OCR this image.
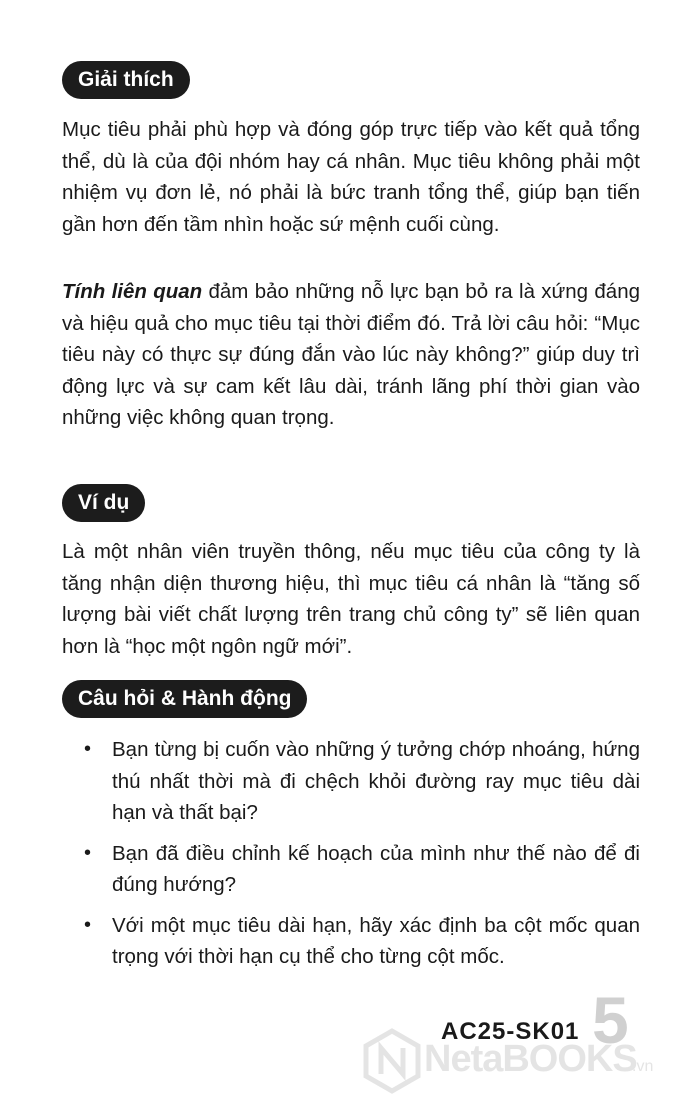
Giải thích

Mục tiêu phải phù hợp và đóng góp trực tiếp vào kết quả tổng thể, dù là của đội nhóm hay cá nhân. Mục tiêu không phải một nhiệm vụ đơn lẻ, nó phải là bức tranh tổng thể, giúp bạn tiến gần hơn đến tầm nhìn hoặc sứ mệnh cuối cùng.

Tính liên quan đảm bảo những nỗ lực bạn bỏ ra là xứng đáng và hiệu quả cho mục tiêu tại thời điểm đó. Trả lời câu hỏi: “Mục tiêu này có thực sự đúng đắn vào lúc này không?” giúp duy trì động lực và sự cam kết lâu dài, tránh lãng phí thời gian vào những việc không quan trọng.

Ví dụ

Là một nhân viên truyền thông, nếu mục tiêu của công ty là tăng nhận diện thương hiệu, thì mục tiêu cá nhân là “tăng số lượng bài viết chất lượng trên trang chủ công ty” sẽ liên quan hơn là “học một ngôn ngữ mới”.

Câu hỏi & Hành động
• Bạn từng bị cuốn vào những ý tưởng chớp nhoáng, hứng thú nhất thời mà đi chệch khỏi đường ray mục tiêu dài hạn và thất bại?
• Bạn đã điều chỉnh kế hoạch của mình như thế nào để đi đúng hướng?
• Với một mục tiêu dài hạn, hãy xác định ba cột mốc quan trọng với thời hạn cụ thể cho từng cột mốc.
AC25-SK01 5
NetaBOOKS
.vn
